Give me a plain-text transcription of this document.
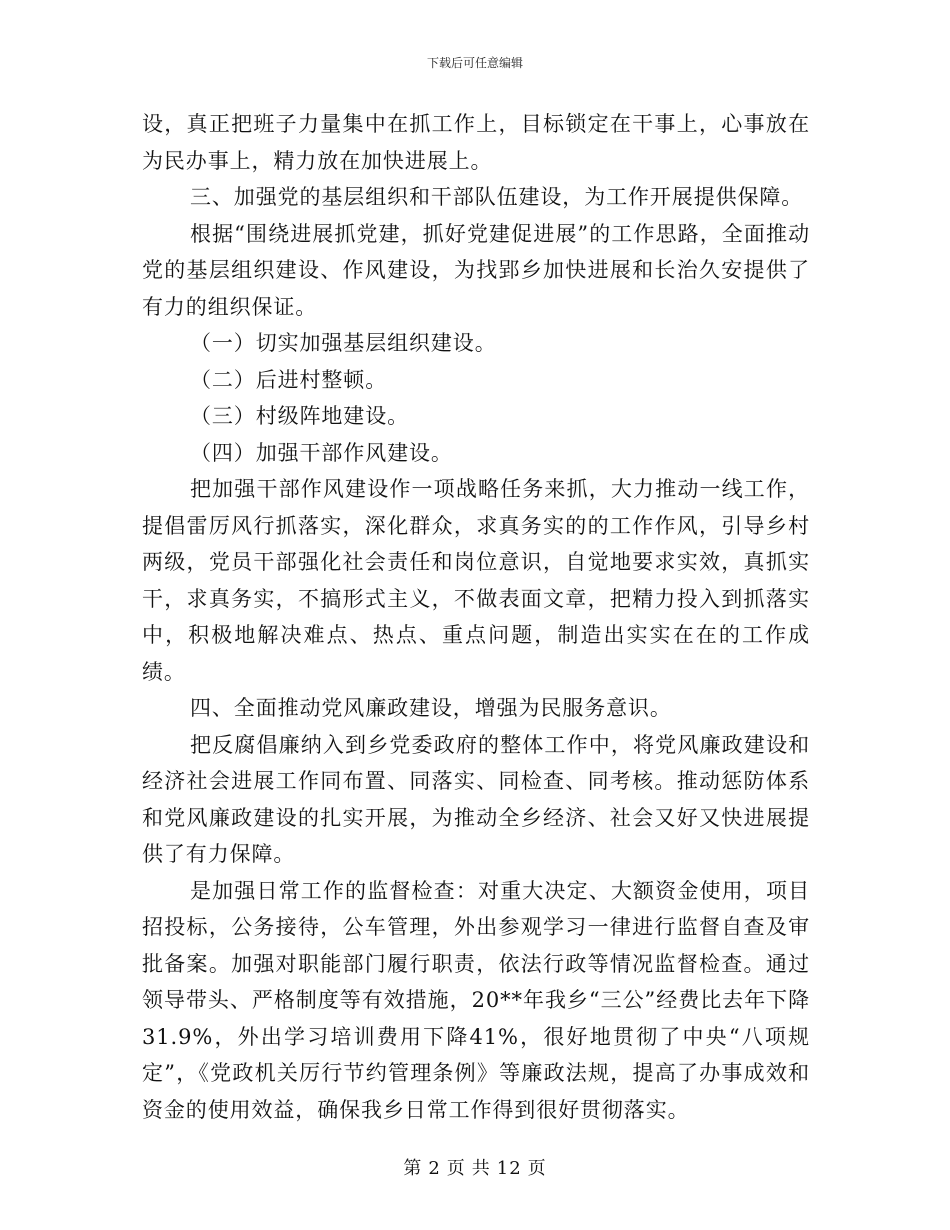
下载后可任意编辑

设，真正把班子力量集中在抓工作上，目标锁定在干事上，心事放在为民办事上，精力放在加快进展上。

三、加强党的基层组织和干部队伍建设，为工作开展提供保障。

根据“围绕进展抓党建，抓好党建促进展”的工作思路，全面推动党的基层组织建设、作风建设，为找郢乡加快进展和长治久安提供了有力的组织保证。

（一）切实加强基层组织建设。

（二）后进村整顿。

（三）村级阵地建设。

（四）加强干部作风建设。

把加强干部作风建设作一项战略任务来抓，大力推动一线工作，提倡雷厉风行抓落实，深化群众，求真务实的的工作作风，引导乡村两级，党员干部强化社会责任和岗位意识，自觉地要求实效，真抓实干，求真务实，不搞形式主义，不做表面文章，把精力投入到抓落实中，积极地解决难点、热点、重点问题，制造出实实在在的工作成绩。

四、全面推动党风廉政建设，增强为民服务意识。

把反腐倡廉纳入到乡党委政府的整体工作中，将党风廉政建设和经济社会进展工作同布置、同落实、同检查、同考核。推动惩防体系和党风廉政建设的扎实开展，为推动全乡经济、社会又好又快进展提供了有力保障。

是加强日常工作的监督检查：对重大决定、大额资金使用，项目招投标，公务接待，公车管理，外出参观学习一律进行监督自查及审批备案。加强对职能部门履行职责，依法行政等情况监督检查。通过领导带头、严格制度等有效措施，20**年我乡“三公”经费比去年下降31.9%，外出学习培训费用下降41%，很好地贯彻了中央“八项规定”，《党政机关厉行节约管理条例》等廉政法规，提高了办事成效和资金的使用效益，确保我乡日常工作得到很好贯彻落实。

第 2 页 共 12 页
